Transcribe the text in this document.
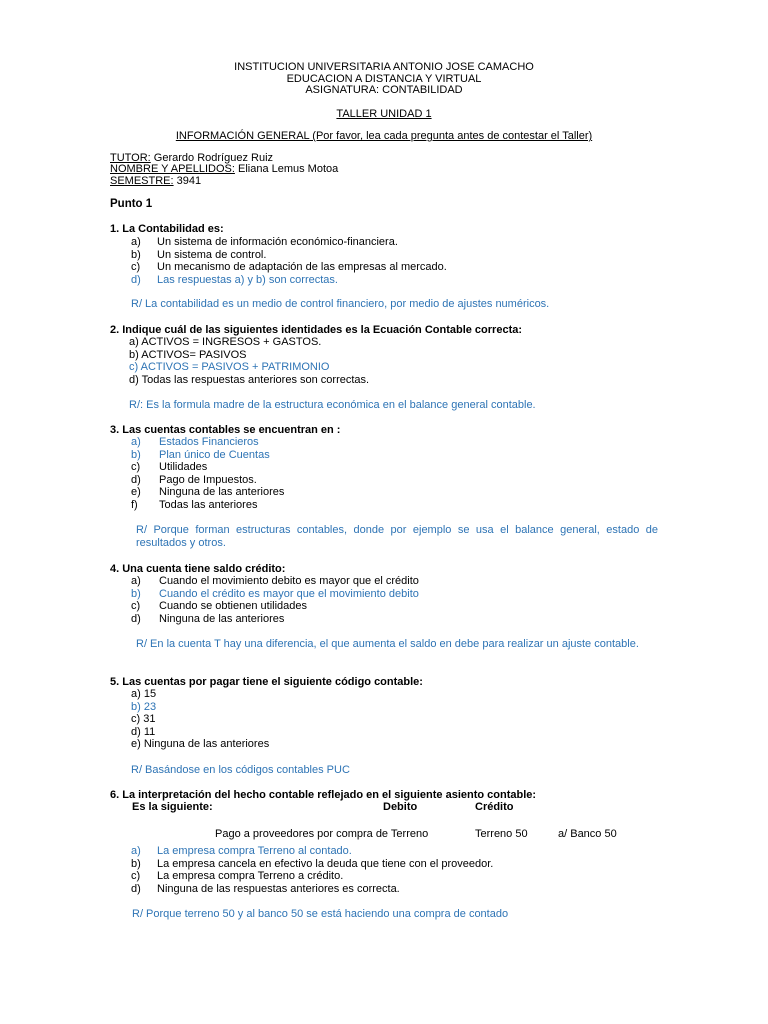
INSTITUCION UNIVERSITARIA ANTONIO JOSE CAMACHO
EDUCACION A DISTANCIA Y VIRTUAL
ASIGNATURA: CONTABILIDAD
TALLER UNIDAD 1
INFORMACIÓN GENERAL (Por favor, lea cada pregunta antes de contestar el Taller)
TUTOR: Gerardo Rodríguez Ruiz
NOMBRE Y APELLIDOS: Eliana Lemus Motoa
SEMESTRE: 3941
Punto 1
1. La Contabilidad es:
a) Un sistema de información económico-financiera.
b) Un sistema de control.
c) Un mecanismo de adaptación de las empresas al mercado.
d) Las respuestas a) y b) son correctas.
R/ La contabilidad es un medio de control financiero, por medio de ajustes numéricos.
2. Indique cuál de las siguientes identidades es la Ecuación Contable correcta:
a) ACTIVOS = INGRESOS + GASTOS.
b) ACTIVOS= PASIVOS
c) ACTIVOS = PASIVOS + PATRIMONIO
d) Todas las respuestas anteriores son correctas.
R/: Es la formula madre de la estructura económica en el balance general contable.
3. Las cuentas contables se encuentran en :
a) Estados Financieros
b) Plan único de Cuentas
c) Utilidades
d) Pago de Impuestos.
e) Ninguna de las anteriores
f) Todas las anteriores
R/ Porque forman estructuras contables, donde por ejemplo se usa el balance general, estado de resultados y otros.
4. Una cuenta tiene saldo crédito:
a) Cuando el movimiento debito es mayor que el crédito
b) Cuando el crédito es mayor que el movimiento debito
c) Cuando se obtienen utilidades
d) Ninguna de las anteriores
R/ En la cuenta T hay una diferencia, el que aumenta el saldo en debe para realizar un ajuste contable.
5. Las cuentas por pagar tiene el siguiente código contable:
a) 15
b) 23
c) 31
d) 11
e) Ninguna de las anteriores
R/ Basándose en los códigos contables PUC
6. La interpretación del hecho contable reflejado en el siguiente asiento contable:
Es la siguiente:	Debito	Crédito
Pago a proveedores por compra de Terreno	Terreno 50	a/ Banco 50
a) La empresa compra Terreno al contado.
b) La empresa cancela en efectivo la deuda que tiene con el proveedor.
c) La empresa compra Terreno a crédito.
d) Ninguna de las respuestas anteriores es correcta.
R/ Porque terreno 50 y al banco 50 se está haciendo una compra de contado
